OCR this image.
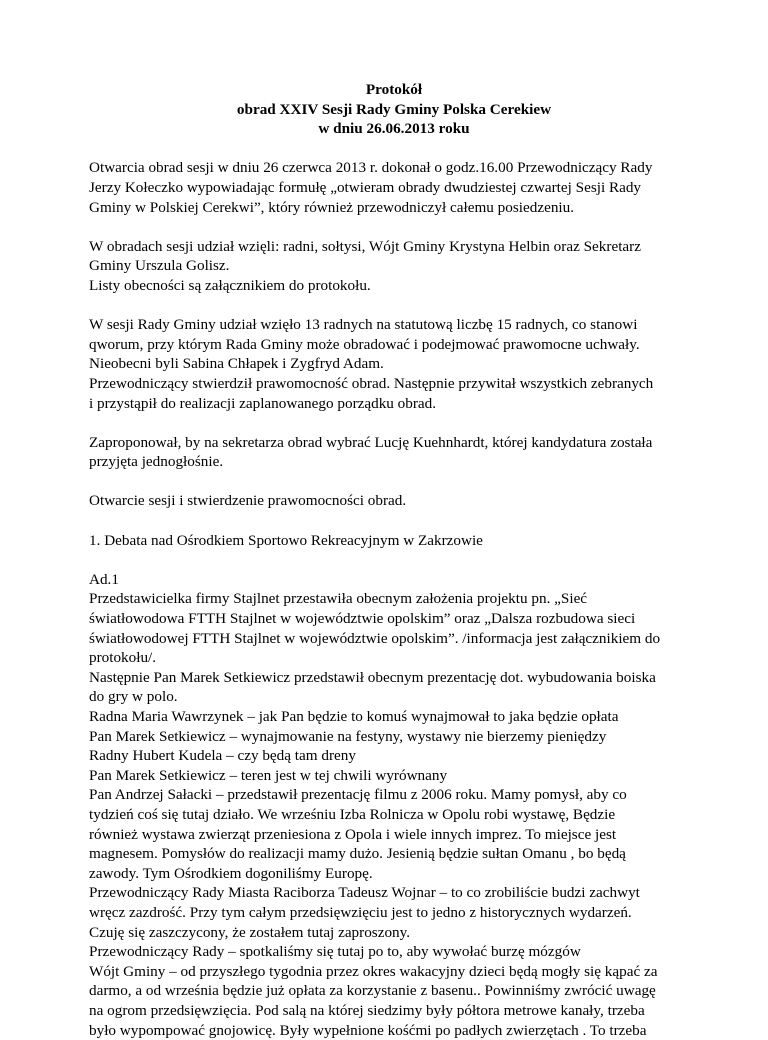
Protokół
obrad XXIV Sesji Rady Gminy Polska Cerekiew
w dniu 26.06.2013 roku
Otwarcia obrad sesji w dniu 26 czerwca 2013 r. dokonał o godz.16.00 Przewodniczący Rady
Jerzy Kołeczko wypowiadając formułę „otwieram obrady dwudziestej czwartej Sesji Rady
Gminy w Polskiej Cerekwi”, który również przewodniczył całemu posiedzeniu.
W obradach sesji udział wzięli: radni, sołtysi, Wójt Gminy Krystyna Helbin oraz Sekretarz
Gminy Urszula Golisz.
Listy obecności są załącznikiem do protokołu.
W sesji Rady Gminy udział wzięło 13 radnych na statutową liczbę 15 radnych, co stanowi
qworum, przy którym Rada Gminy może obradować i podejmować prawomocne uchwały.
Nieobecni byli Sabina Chłapek i Zygfryd Adam.
Przewodniczący stwierdził prawomocność obrad. Następnie przywitał wszystkich zebranych
i przystąpił do realizacji zaplanowanego porządku obrad.
Zaproponował, by na sekretarza obrad wybrać Lucję Kuehnhardt, której kandydatura została
przyjęta jednogłośnie.
Otwarcie sesji i stwierdzenie prawomocności obrad.
1. Debata nad Ośrodkiem Sportowo Rekreacyjnym w Zakrzowie
Ad.1
Przedstawicielka firmy Stajlnet przestawiła obecnym założenia projektu pn. „Sieć
światłowodowa FTTH Stajlnet w województwie opolskim” oraz „Dalsza rozbudowa sieci
światłowodowej FTTH Stajlnet w województwie opolskim”. /informacja jest załącznikiem do
protokołu/.
Następnie Pan Marek Setkiewicz przedstawił obecnym prezentację dot. wybudowania boiska
do gry w polo.
Radna Maria Wawrzynek – jak Pan będzie to komuś wynajmował to jaka będzie opłata
Pan Marek Setkiewicz – wynajmowanie na festyny, wystawy nie bierzemy pieniędzy
Radny Hubert Kudela – czy będą tam dreny
Pan Marek Setkiewicz – teren jest w tej chwili wyrównany
Pan Andrzej Sałacki – przedstawił prezentację filmu z 2006 roku. Mamy pomysł, aby co
tydzień coś się tutaj działo. We wrześniu Izba Rolnicza w Opolu robi wystawę, Będzie
również wystawa zwierząt przeniesiona z Opola i wiele innych imprez. To miejsce jest
magnesem. Pomysłów do realizacji mamy dużo. Jesienią będzie sułtan Omanu , bo będą
zawody. Tym Ośrodkiem dogoniliśmy Europę.
Przewodniczący Rady Miasta Raciborza Tadeusz Wojnar – to co zrobiliście budzi zachwyt
wręcz zazdrość. Przy tym całym przedsięwzięciu jest to jedno z historycznych wydarzeń.
Czuję się zaszczycony, że zostałem tutaj zaproszony.
Przewodniczący Rady – spotkaliśmy się tutaj po to, aby wywołać burzę mózgów
Wójt Gminy – od przyszłego tygodnia przez okres wakacyjny dzieci będą mogły się kąpać za
darmo, a od września będzie już opłata za korzystanie z basenu.. Powinniśmy zwrócić uwagę
na ogrom przedsięwzięcia. Pod salą na której siedzimy były półtora metrowe kanały, trzeba
było wypompować gnojowicę. Były wypełnione kośćmi po padłych zwierzętach . To trzeba
